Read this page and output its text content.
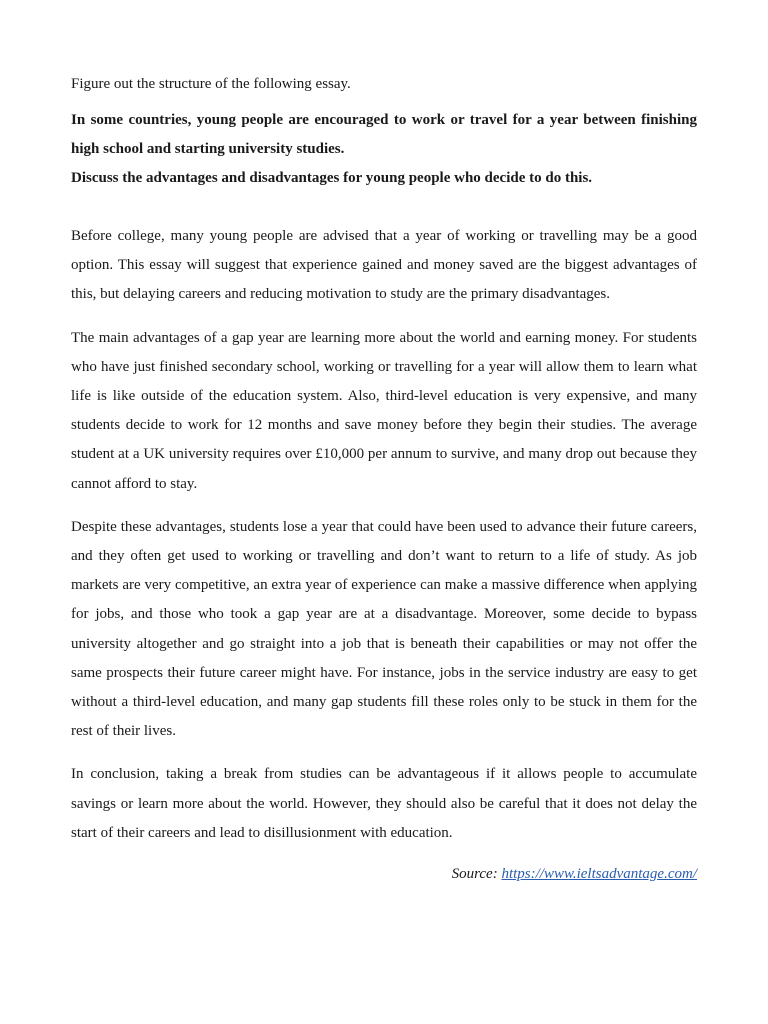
Figure out the structure of the following essay.

In some countries, young people are encouraged to work or travel for a year between finishing high school and starting university studies.

Discuss the advantages and disadvantages for young people who decide to do this.

Before college, many young people are advised that a year of working or travelling may be a good option. This essay will suggest that experience gained and money saved are the biggest advantages of this, but delaying careers and reducing motivation to study are the primary disadvantages.

The main advantages of a gap year are learning more about the world and earning money. For students who have just finished secondary school, working or travelling for a year will allow them to learn what life is like outside of the education system. Also, third-level education is very expensive, and many students decide to work for 12 months and save money before they begin their studies. The average student at a UK university requires over £10,000 per annum to survive, and many drop out because they cannot afford to stay.

Despite these advantages, students lose a year that could have been used to advance their future careers, and they often get used to working or travelling and don’t want to return to a life of study. As job markets are very competitive, an extra year of experience can make a massive difference when applying for jobs, and those who took a gap year are at a disadvantage. Moreover, some decide to bypass university altogether and go straight into a job that is beneath their capabilities or may not offer the same prospects their future career might have. For instance, jobs in the service industry are easy to get without a third-level education, and many gap students fill these roles only to be stuck in them for the rest of their lives.

In conclusion, taking a break from studies can be advantageous if it allows people to accumulate savings or learn more about the world. However, they should also be careful that it does not delay the start of their careers and lead to disillusionment with education.

Source: https://www.ieltsadvantage.com/
